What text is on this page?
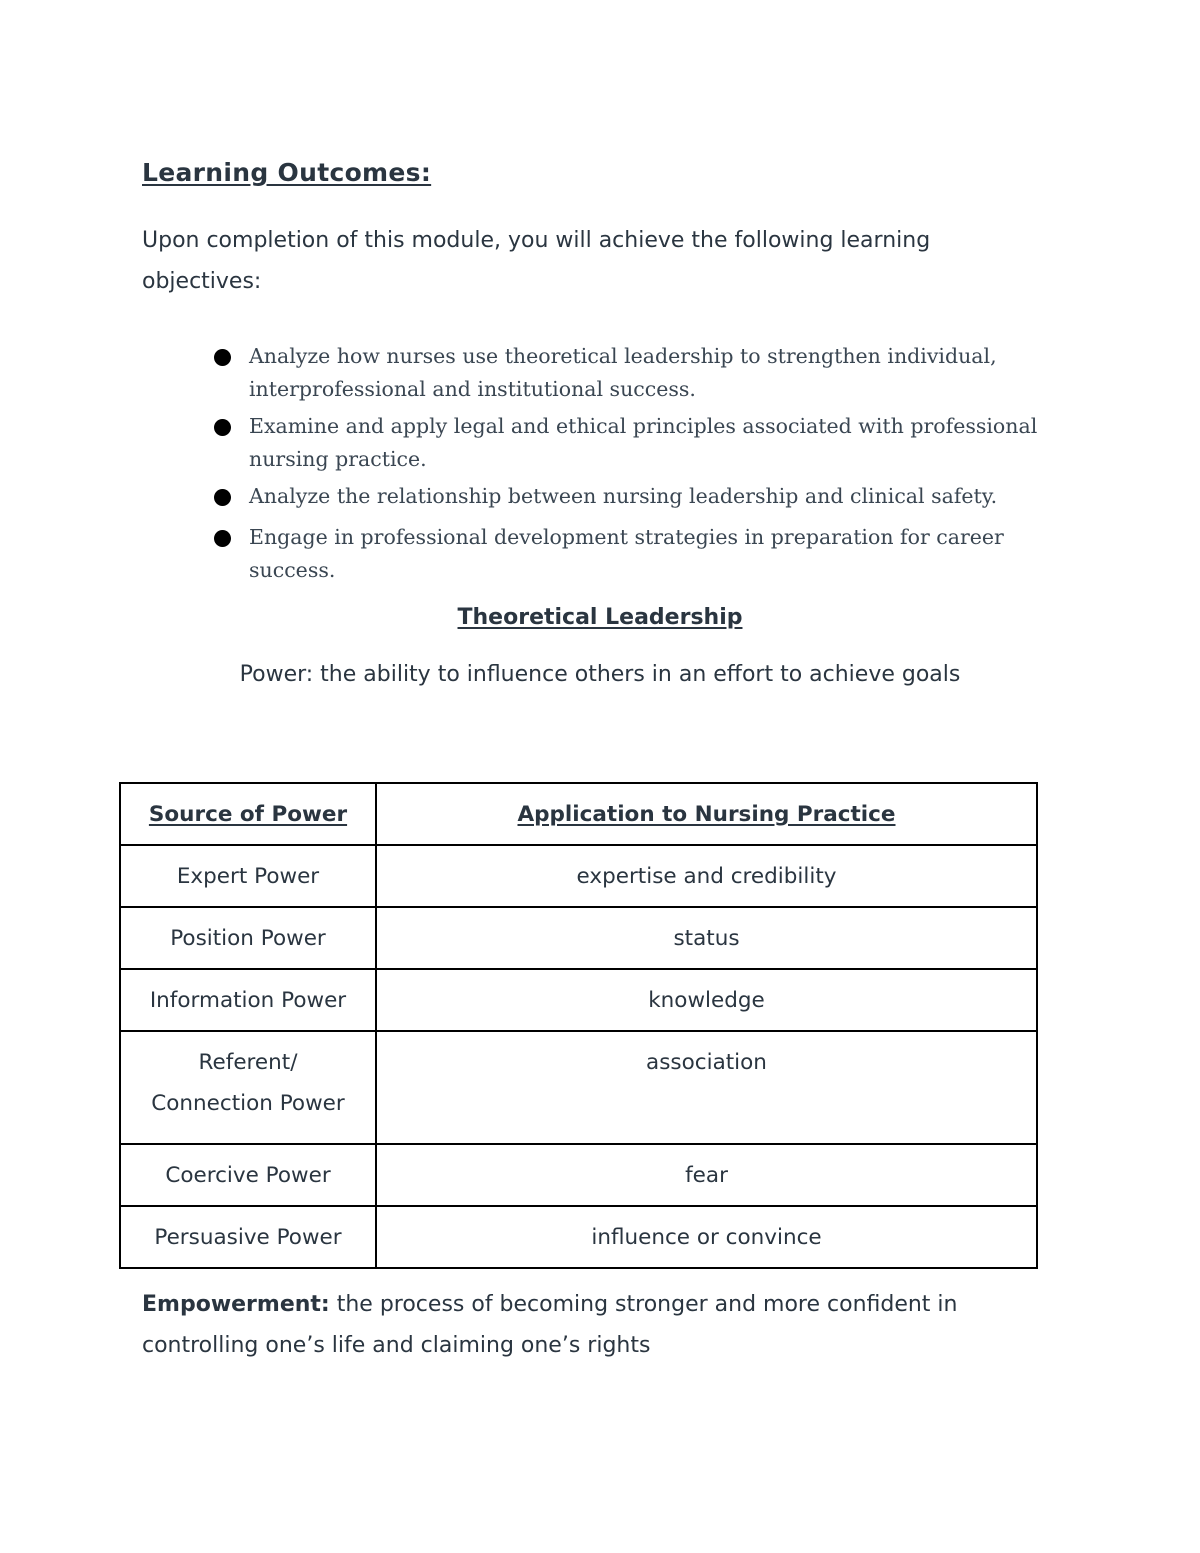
Learning Outcomes:

Upon completion of this module, you will achieve the following learning objectives:

Analyze how nurses use theoretical leadership to strengthen individual, interprofessional and institutional success.
Examine and apply legal and ethical principles associated with professional nursing practice.
Analyze the relationship between nursing leadership and clinical safety.
Engage in professional development strategies in preparation for career success.
Theoretical Leadership

Power: the ability to influence others in an effort to achieve goals

Source of Power	Application to Nursing Practice
Expert Power	expertise and credibility
Position Power	status
Information Power	knowledge

Referent/
Connection Power	association
Coercive Power	fear
Persuasive Power	influence or convince

Empowerment: the process of becoming stronger and more confident in controlling one’s life and claiming one’s rights
